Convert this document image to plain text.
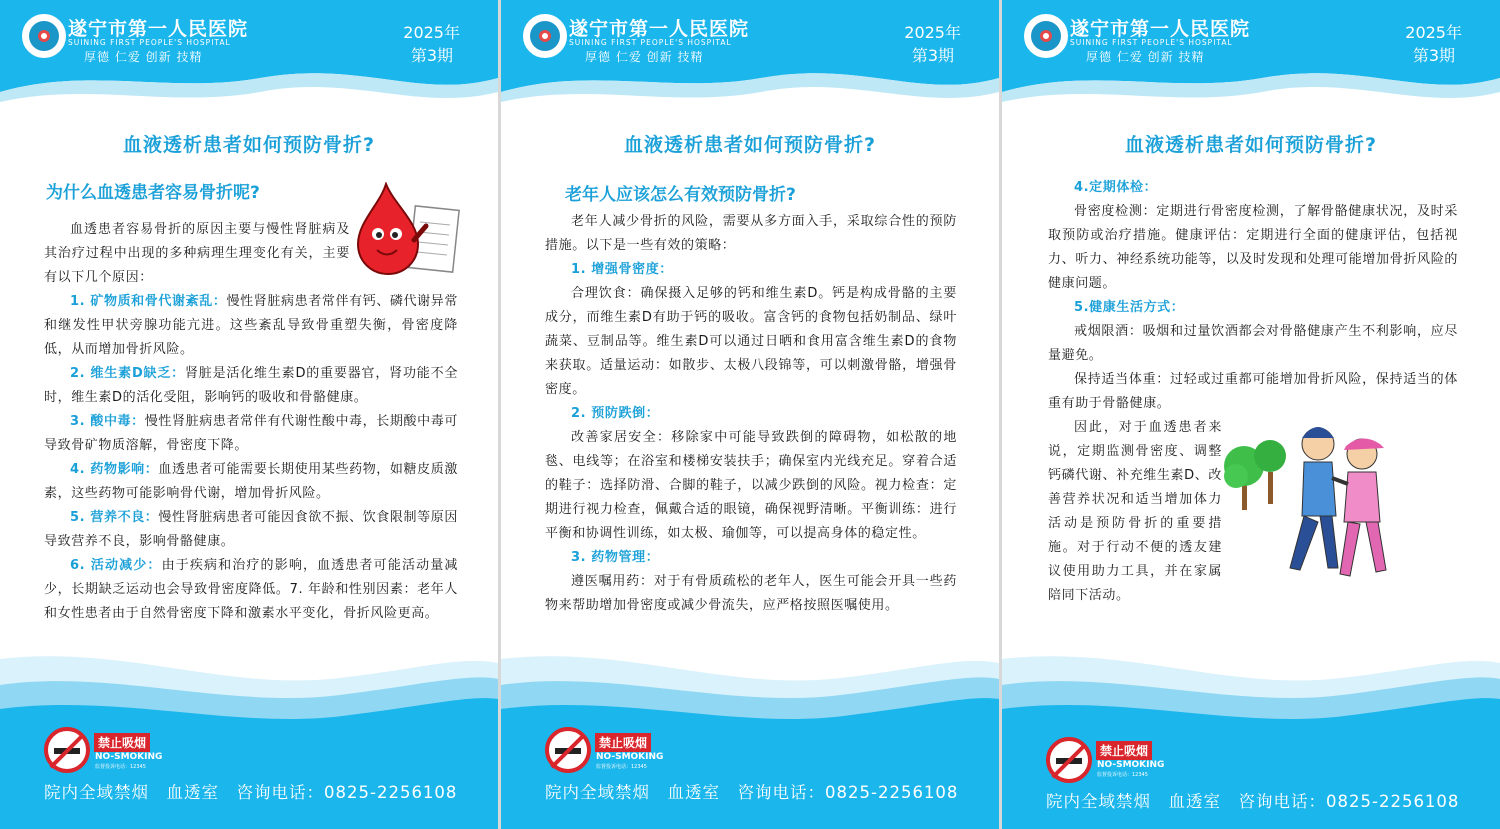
遂宁市第一人民医院
SUINING FIRST PEOPLE'S HOSPITAL
厚德 仁爱 创新 技精
2025年
第3期
血液透析患者如何预防骨折?
为什么血透患者容易骨折呢?

血透患者容易骨折的原因主要与慢性肾脏病及其治疗过程中出现的多种病理生理变化有关，主要有以下几个原因：

1. 矿物质和骨代谢紊乱：慢性肾脏病患者常伴有钙、磷代谢异常和继发性甲状旁腺功能亢进。这些紊乱导致骨重塑失衡，骨密度降低，从而增加骨折风险。

2. 维生素D缺乏：肾脏是活化维生素D的重要器官，肾功能不全时，维生素D的活化受阻，影响钙的吸收和骨骼健康。

3. 酸中毒：慢性肾脏病患者常伴有代谢性酸中毒，长期酸中毒可导致骨矿物质溶解，骨密度下降。

4. 药物影响：血透患者可能需要长期使用某些药物，如糖皮质激素，这些药物可能影响骨代谢，增加骨折风险。

5. 营养不良：慢性肾脏病患者可能因食欲不振、饮食限制等原因导致营养不良，影响骨骼健康。

6. 活动减少：由于疾病和治疗的影响，血透患者可能活动量减少，长期缺乏运动也会导致骨密度降低。7. 年龄和性别因素：老年人和女性患者由于自然骨密度下降和激素水平变化，骨折风险更高。

禁止吸烟
NO-SMOKING
监督投诉电话：12345
院内全域禁烟　血透室　咨询电话：0825-2256108
遂宁市第一人民医院
SUINING FIRST PEOPLE'S HOSPITAL
厚德 仁爱 创新 技精
2025年
第3期
血液透析患者如何预防骨折?
老年人应该怎么有效预防骨折?

老年人减少骨折的风险，需要从多方面入手，采取综合性的预防措施。以下是一些有效的策略：

1. 增强骨密度：

合理饮食：确保摄入足够的钙和维生素D。钙是构成骨骼的主要成分，而维生素D有助于钙的吸收。富含钙的食物包括奶制品、绿叶蔬菜、豆制品等。维生素D可以通过日晒和食用富含维生素D的食物来获取。适量运动：如散步、太极八段锦等，可以刺激骨骼，增强骨密度。

2. 预防跌倒：

改善家居安全：移除家中可能导致跌倒的障碍物，如松散的地毯、电线等；在浴室和楼梯安装扶手；确保室内光线充足。穿着合适的鞋子：选择防滑、合脚的鞋子，以减少跌倒的风险。视力检查：定期进行视力检查，佩戴合适的眼镜，确保视野清晰。平衡训练：进行平衡和协调性训练，如太极、瑜伽等，可以提高身体的稳定性。

3. 药物管理：

遵医嘱用药：对于有骨质疏松的老年人，医生可能会开具一些药物来帮助增加骨密度或减少骨流失，应严格按照医嘱使用。

禁止吸烟
NO-SMOKING
监督投诉电话：12345
院内全域禁烟　血透室　咨询电话：0825-2256108
遂宁市第一人民医院
SUINING FIRST PEOPLE'S HOSPITAL
厚德 仁爱 创新 技精
2025年
第3期
血液透析患者如何预防骨折?

4.定期体检：

骨密度检测：定期进行骨密度检测，了解骨骼健康状况，及时采取预防或治疗措施。健康评估：定期进行全面的健康评估，包括视力、听力、神经系统功能等，以及时发现和处理可能增加骨折风险的健康问题。

5.健康生活方式：

戒烟限酒：吸烟和过量饮酒都会对骨骼健康产生不利影响，应尽量避免。

保持适当体重：过轻或过重都可能增加骨折风险，保持适当的体重有助于骨骼健康。

因此，对于血透患者来说，定期监测骨密度、调整钙磷代谢、补充维生素D、改善营养状况和适当增加体力活动是预防骨折的重要措施。对于行动不便的透友建议使用助力工具，并在家属陪同下活动。

禁止吸烟
NO-SMOKING
监督投诉电话：12345
院内全域禁烟　血透室　咨询电话：0825-2256108
